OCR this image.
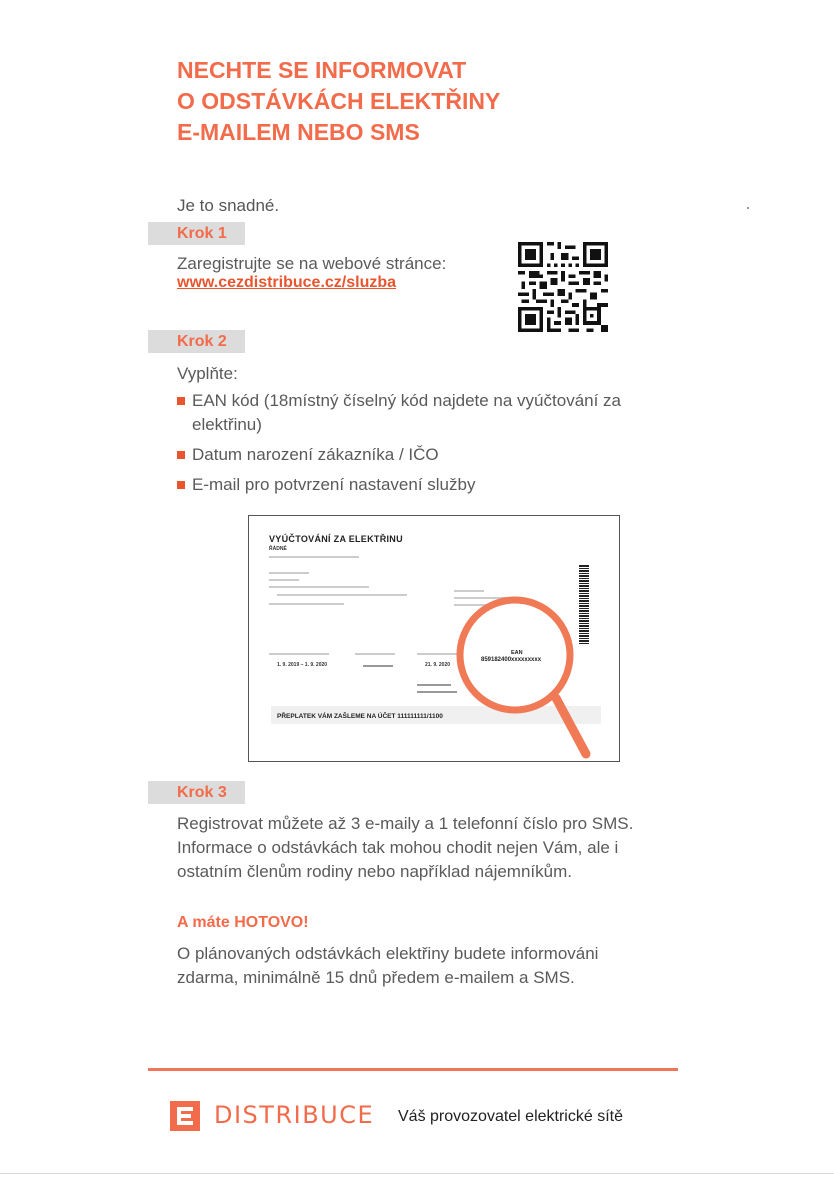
NECHTE SE INFORMOVAT
O ODSTÁVKÁCH ELEKTŘINY
E-MAILEM NEBO SMS
Je to snadné.
Krok 1
Zaregistrujte se na webové stránce:
www.cezdistribuce.cz/sluzba
Krok 2
Vyplňte:
EAN kód (18místný číselný kód najdete na vyúčtování za elektřinu)
Datum narození zákazníka / IČO
E-mail pro potvrzení nastavení služby
VYÚČTOVÁNÍ ZA ELEKTŘINU
ŘÁDNÉ
1. 9. 2019 – 1. 9. 2020	21. 9. 2020
PŘEPLATEK VÁM ZAŠLEME NA ÚČET 111111111/1100
EAN
859182400xxxxxxxxx
Krok 3
Registrovat můžete až 3 e-maily a 1 telefonní číslo pro SMS. Informace o odstávkách tak mohou chodit nejen Vám, ale i ostatním členům rodiny nebo například nájemníkům.
A máte HOTOVO!
O plánovaných odstávkách elektřiny budete informováni zdarma, minimálně 15 dnů předem e-mailem a SMS.
DISTRIBUCE Váš provozovatel elektrické sítě
